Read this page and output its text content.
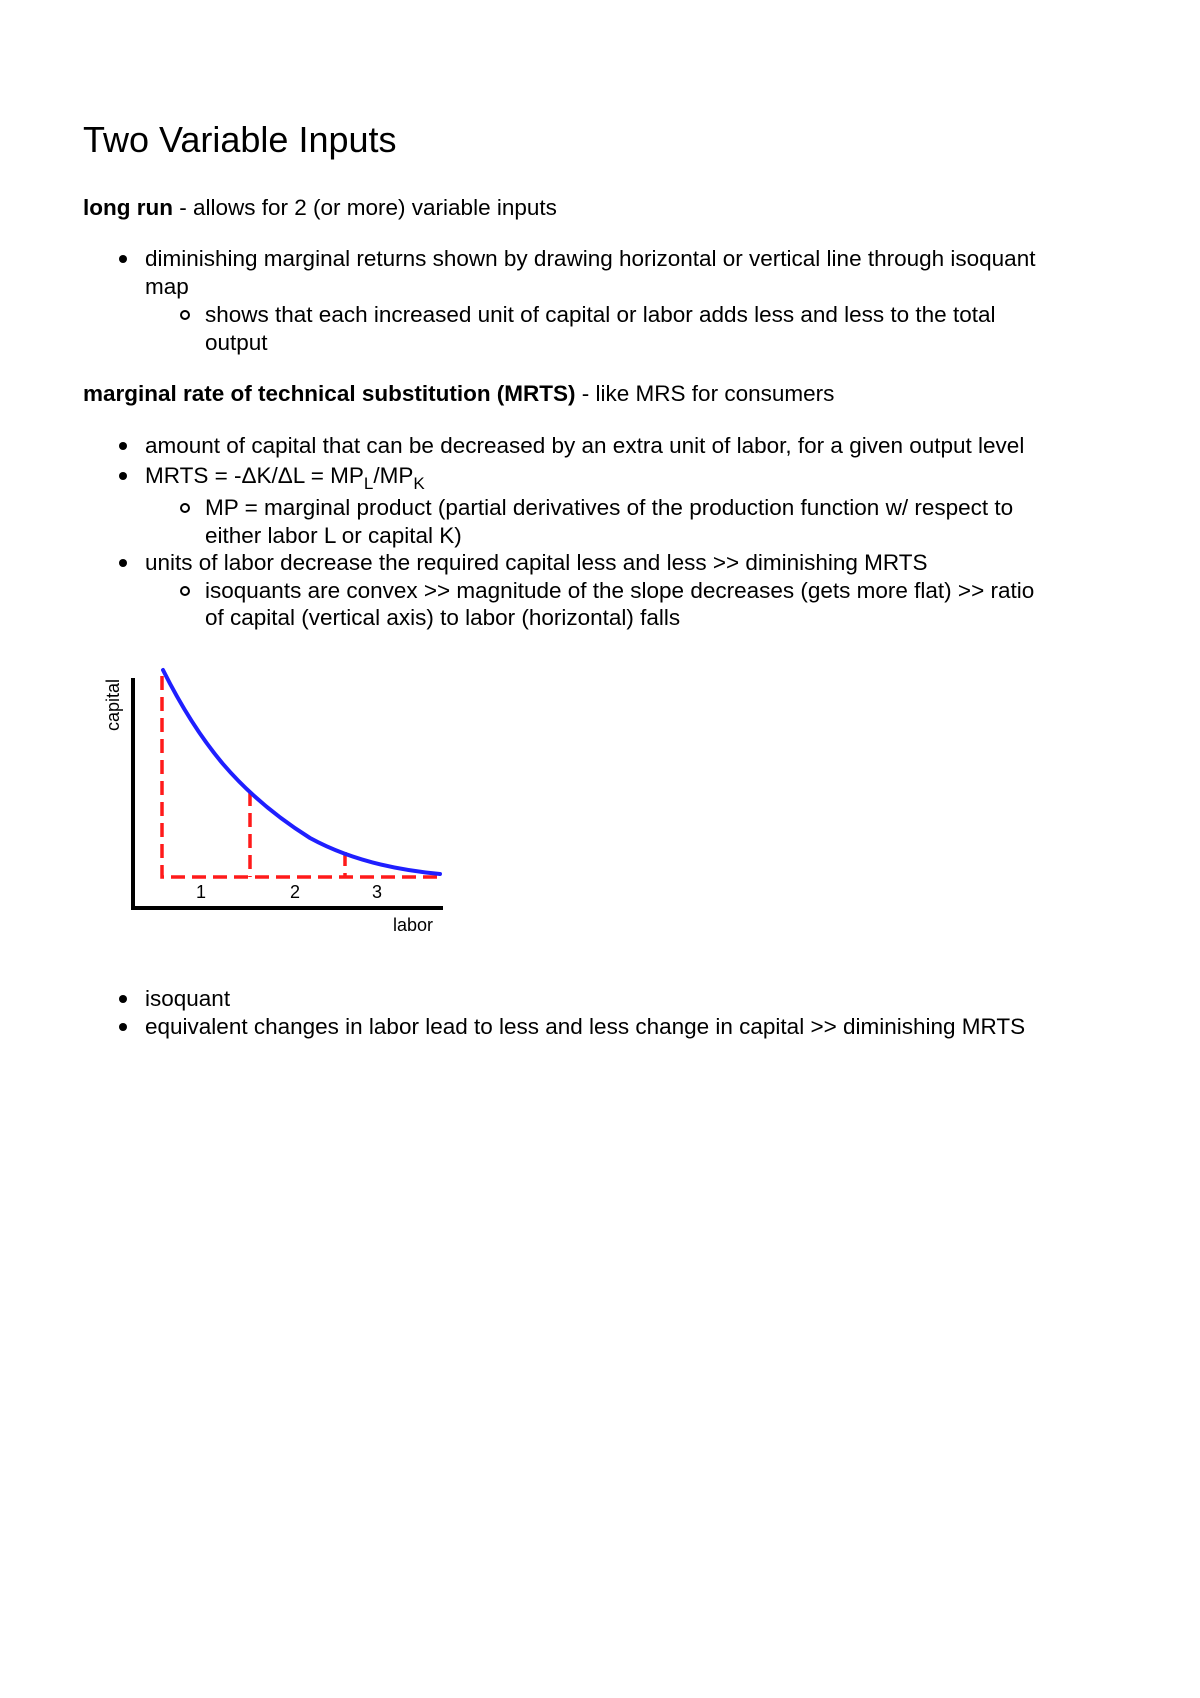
Two Variable Inputs
long run - allows for 2 (or more) variable inputs
diminishing marginal returns shown by drawing horizontal or vertical line through isoquant
map
shows that each increased unit of capital or labor adds less and less to the total
output
marginal rate of technical substitution (MRTS) - like MRS for consumers
amount of capital that can be decreased by an extra unit of labor, for a given output level
MRTS = $-\Delta K/\Delta L = MP_L/MP_K$
MP = marginal product (partial derivatives of the production function w/ respect to
either labor L or capital K)
units of labor decrease the required capital less and less >> diminishing MRTS
isoquants are convex >> magnitude of the slope decreases (gets more flat) >> ratio
of capital (vertical axis) to labor (horizontal) falls
1	2	3
labor
capital
isoquant
equivalent changes in labor lead to less and less change in capital >> diminishing MRTS
